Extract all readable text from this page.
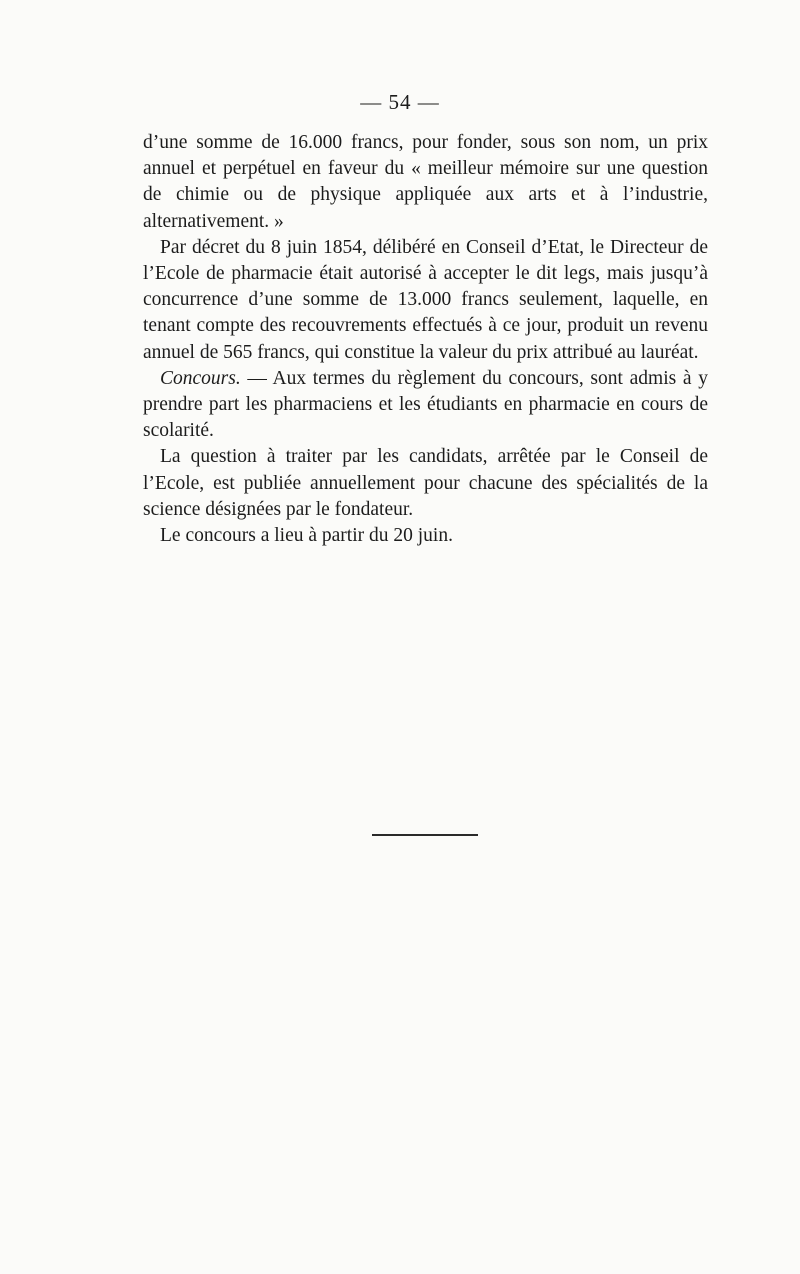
— 54 —

d’une somme de 16.000 francs, pour fonder, sous son nom, un prix annuel et perpétuel en faveur du « meilleur mémoire sur une question de chimie ou de physique appliquée aux arts et à l’industrie, alternativement. »

Par décret du 8 juin 1854, délibéré en Conseil d’Etat, le Directeur de l’Ecole de pharmacie était autorisé à accepter le dit legs, mais jusqu’à concurrence d’une somme de 13.000 francs seulement, laquelle, en tenant compte des recouvrements effectués à ce jour, produit un revenu annuel de 565 francs, qui constitue la valeur du prix attribué au lauréat.

Concours. — Aux termes du règlement du concours, sont admis à y prendre part les pharmaciens et les étudiants en pharmacie en cours de scolarité.

La question à traiter par les candidats, arrêtée par le Conseil de l’Ecole, est publiée annuellement pour chacune des spécialités de la science désignées par le fondateur.

Le concours a lieu à partir du 20 juin.
